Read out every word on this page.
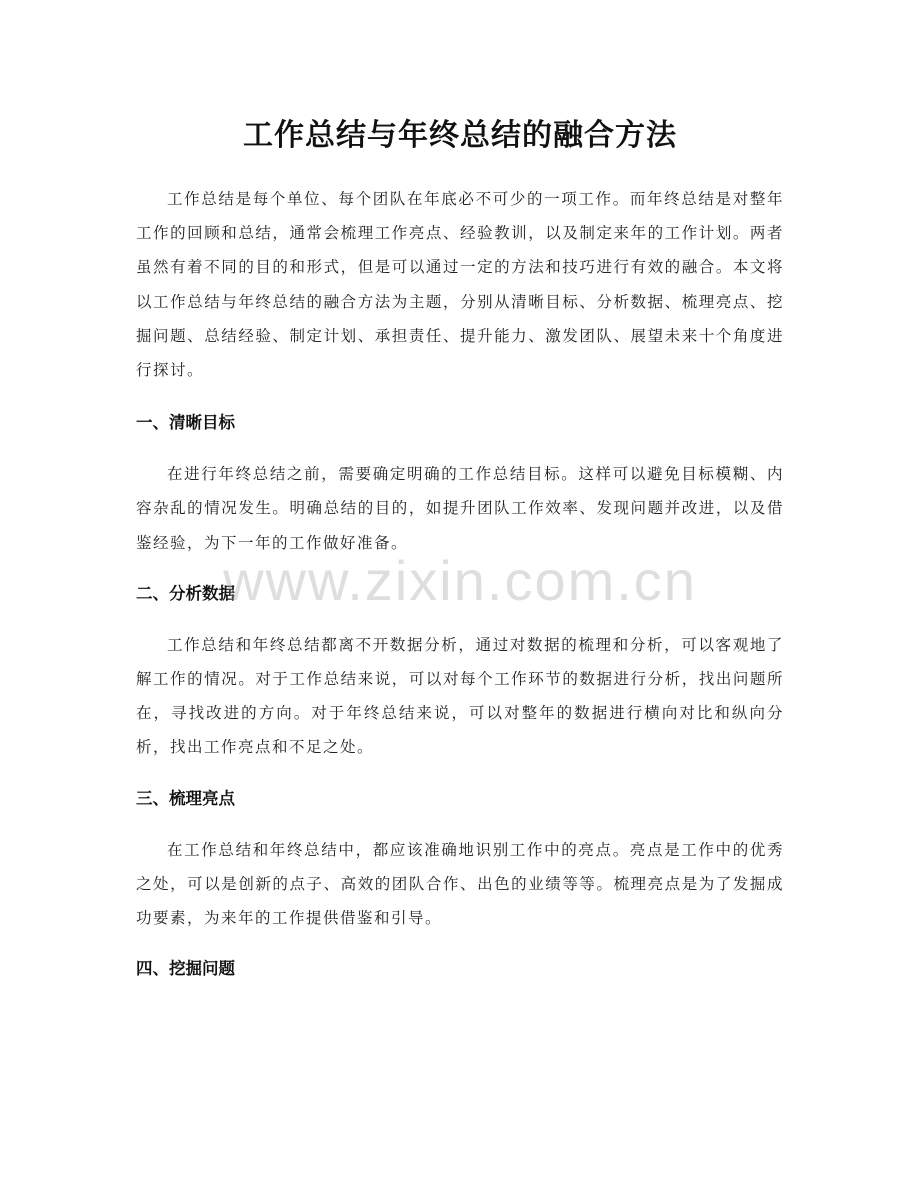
工作总结与年终总结的融合方法

工作总结是每个单位、每个团队在年底必不可少的一项工作。而年终总结是对整年工作的回顾和总结，通常会梳理工作亮点、经验教训，以及制定来年的工作计划。两者虽然有着不同的目的和形式，但是可以通过一定的方法和技巧进行有效的融合。本文将以工作总结与年终总结的融合方法为主题，分别从清晰目标、分析数据、梳理亮点、挖掘问题、总结经验、制定计划、承担责任、提升能力、激发团队、展望未来十个角度进行探讨。

一、清晰目标

在进行年终总结之前，需要确定明确的工作总结目标。这样可以避免目标模糊、内容杂乱的情况发生。明确总结的目的，如提升团队工作效率、发现问题并改进，以及借鉴经验，为下一年的工作做好准备。

二、分析数据

工作总结和年终总结都离不开数据分析，通过对数据的梳理和分析，可以客观地了解工作的情况。对于工作总结来说，可以对每个工作环节的数据进行分析，找出问题所在，寻找改进的方向。对于年终总结来说，可以对整年的数据进行横向对比和纵向分析，找出工作亮点和不足之处。

三、梳理亮点

在工作总结和年终总结中，都应该准确地识别工作中的亮点。亮点是工作中的优秀之处，可以是创新的点子、高效的团队合作、出色的业绩等等。梳理亮点是为了发掘成功要素，为来年的工作提供借鉴和引导。

四、挖掘问题
www.zixin.com.cn
